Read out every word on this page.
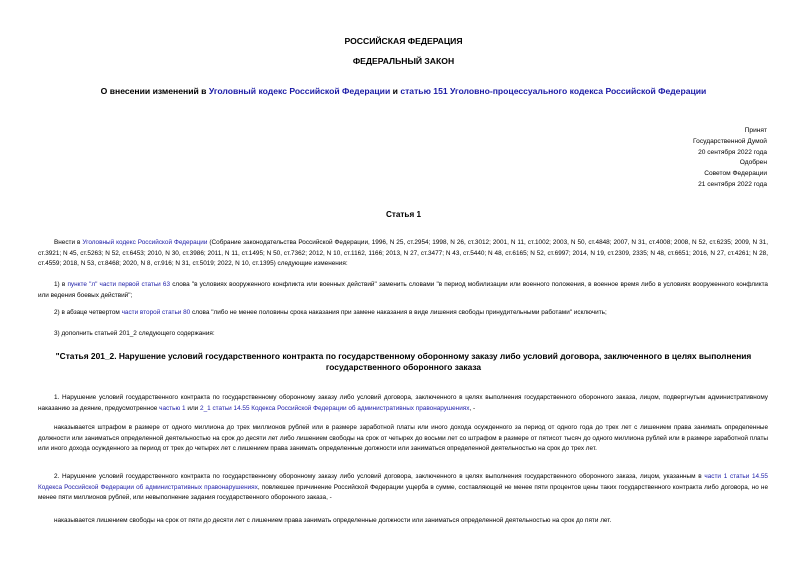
РОССИЙСКАЯ ФЕДЕРАЦИЯ
ФЕДЕРАЛЬНЫЙ ЗАКОН
О внесении изменений в Уголовный кодекс Российской Федерации и статью 151 Уголовно-процессуального кодекса Российской Федерации
Принят
Государственной Думой
20 сентября 2022 года
Одобрен
Советом Федерации
21 сентября 2022 года
Статья 1

Внести в Уголовный кодекс Российской Федерации (Собрание законодательства Российской Федерации, 1996, N 25, ст.2954; 1998, N 26, ст.3012; 2001, N 11, ст.1002; 2003, N 50, ст.4848; 2007, N 31, ст.4008; 2008, N 52, ст.6235; 2009, N 31, ст.3921; N 45, ст.5263; N 52, ст.6453; 2010, N 30, ст.3986; 2011, N 11, ст.1495; N 50, ст.7362; 2012, N 10, ст.1162, 1166; 2013, N 27, ст.3477; N 43, ст.5440; N 48, ст.6165; N 52, ст.6997; 2014, N 19, ст.2309, 2335; N 48, ст.6651; 2016, N 27, ст.4261; N 28, ст.4559; 2018, N 53, ст.8468; 2020, N 8, ст.916; N 31, ст.5019; 2022, N 10, ст.1395) следующие изменения:

1) в пункте "л" части первой статьи 63 слова "в условиях вооруженного конфликта или военных действий" заменить словами "в период мобилизации или военного положения, в военное время либо в условиях вооруженного конфликта или ведения боевых действий";

2) в абзаце четвертом части второй статьи 80 слова "либо не менее половины срока наказания при замене наказания в виде лишения свободы принудительными работами" исключить;

3) дополнить статьей 201_2 следующего содержания:

"Статья 201_2. Нарушение условий государственного контракта по государственному оборонному заказу либо условий договора, заключенного в целях выполнения государственного оборонного заказа

1. Нарушение условий государственного контракта по государственному оборонному заказу либо условий договора, заключенного в целях выполнения государственного оборонного заказа, лицом, подвергнутым административному наказанию за деяние, предусмотренное частью 1 или 2_1 статьи 14.55 Кодекса Российской Федерации об административных правонарушениях, -

наказывается штрафом в размере от одного миллиона до трех миллионов рублей или в размере заработной платы или иного дохода осужденного за период от одного года до трех лет с лишением права занимать определенные должности или заниматься определенной деятельностью на срок до десяти лет либо лишением свободы на срок от четырех до восьми лет со штрафом в размере от пятисот тысяч до одного миллиона рублей или в размере заработной платы или иного дохода осужденного за период от трех до четырех лет с лишением права занимать определенные должности или заниматься определенной деятельностью на срок до трех лет.

2. Нарушение условий государственного контракта по государственному оборонному заказу либо условий договора, заключенного в целях выполнения государственного оборонного заказа, лицом, указанным в части 1 статьи 14.55 Кодекса Российской Федерации об административных правонарушениях, повлекшее причинение Российской Федерации ущерба в сумме, составляющей не менее пяти процентов цены таких государственного контракта либо договора, но не менее пяти миллионов рублей, или невыполнение задания государственного оборонного заказа, -

наказывается лишением свободы на срок от пяти до десяти лет с лишением права занимать определенные должности или заниматься определенной деятельностью на срок до пяти лет.
